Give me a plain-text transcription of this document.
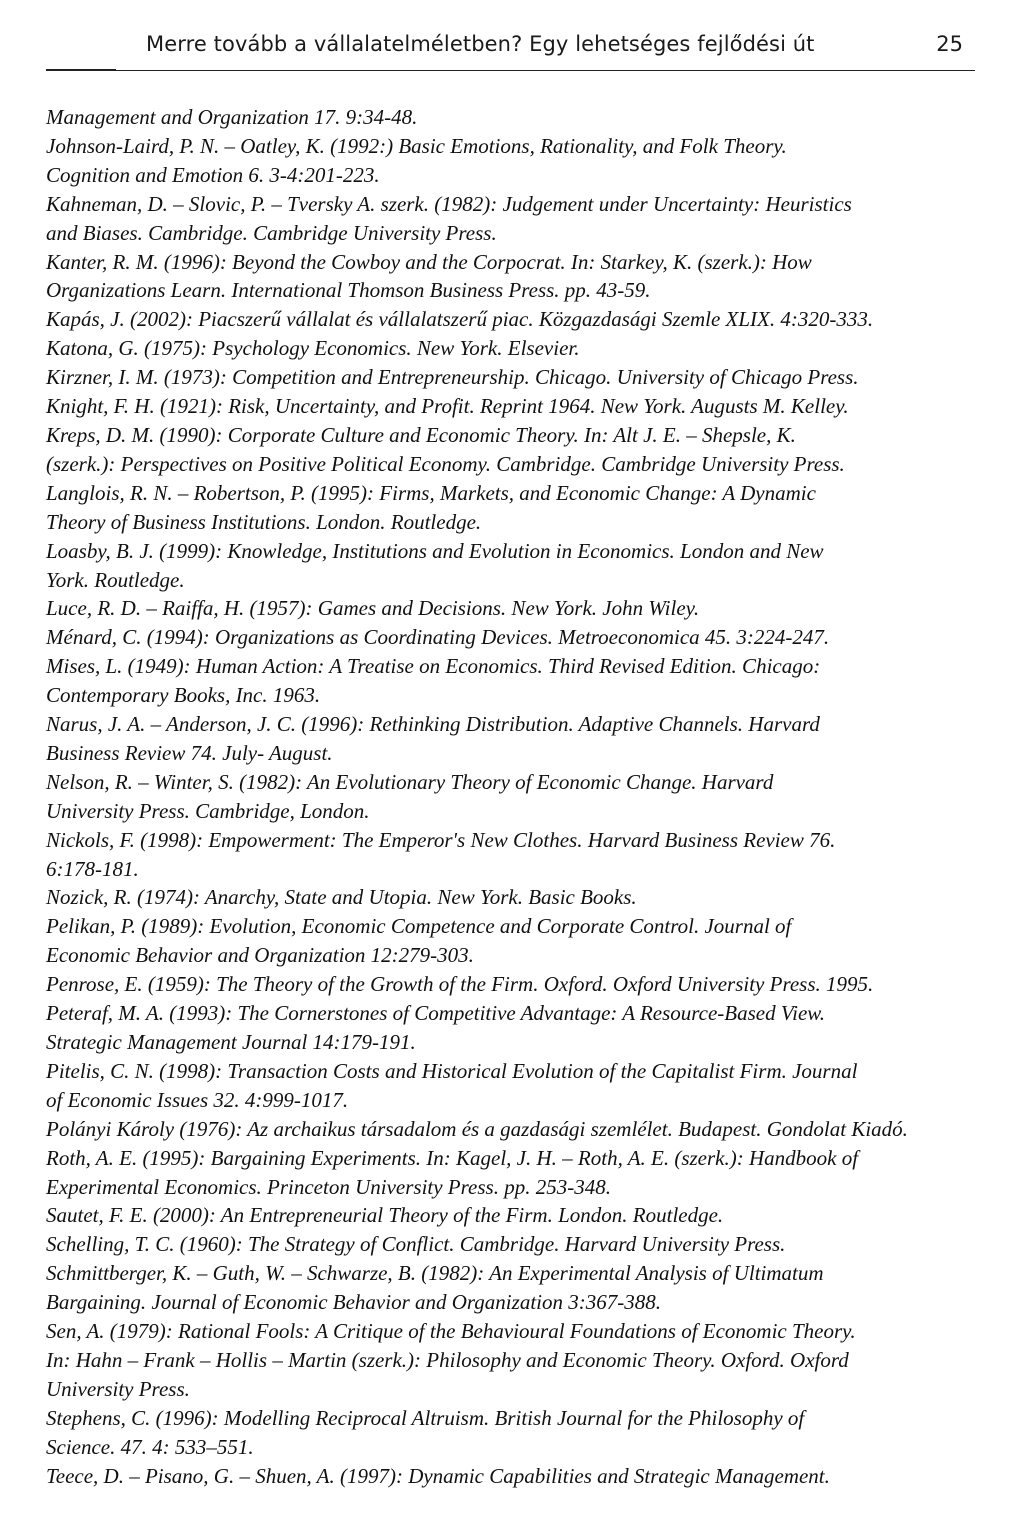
Merre tovább a vállalatelméletben? Egy lehetséges fejlődési út	25
Management and Organization 17. 9:34-48.
Johnson-Laird, P. N. – Oatley, K. (1992:) Basic Emotions, Rationality, and Folk Theory.
Cognition and Emotion 6. 3-4:201-223.
Kahneman, D. – Slovic, P. – Tversky A. szerk. (1982): Judgement under Uncertainty: Heuristics
and Biases. Cambridge. Cambridge University Press.
Kanter, R. M. (1996): Beyond the Cowboy and the Corpocrat. In: Starkey, K. (szerk.): How
Organizations Learn. International Thomson Business Press. pp. 43-59.
Kapás, J. (2002): Piacszerű vállalat és vállalatszerű piac. Közgazdasági Szemle XLIX. 4:320-333.
Katona, G. (1975): Psychology Economics. New York. Elsevier.
Kirzner, I. M. (1973): Competition and Entrepreneurship. Chicago. University of Chicago Press.
Knight, F. H. (1921): Risk, Uncertainty, and Profit. Reprint 1964. New York. Augusts M. Kelley.
Kreps, D. M. (1990): Corporate Culture and Economic Theory. In: Alt J. E. – Shepsle, K.
(szerk.): Perspectives on Positive Political Economy. Cambridge. Cambridge University Press.
Langlois, R. N. – Robertson, P. (1995): Firms, Markets, and Economic Change: A Dynamic
Theory of Business Institutions. London. Routledge.
Loasby, B. J. (1999): Knowledge, Institutions and Evolution in Economics. London and New
York. Routledge.
Luce, R. D. – Raiffa, H. (1957): Games and Decisions. New York. John Wiley.
Ménard, C. (1994): Organizations as Coordinating Devices. Metroeconomica 45. 3:224-247.
Mises, L. (1949): Human Action: A Treatise on Economics. Third Revised Edition. Chicago:
Contemporary Books, Inc. 1963.
Narus, J. A. – Anderson, J. C. (1996): Rethinking Distribution. Adaptive Channels. Harvard
Business Review 74. July- August.
Nelson, R. – Winter, S. (1982): An Evolutionary Theory of Economic Change. Harvard
University Press. Cambridge, London.
Nickols, F. (1998): Empowerment: The Emperor's New Clothes. Harvard Business Review 76.
6:178-181.
Nozick, R. (1974): Anarchy, State and Utopia. New York. Basic Books.
Pelikan, P. (1989): Evolution, Economic Competence and Corporate Control. Journal of
Economic Behavior and Organization 12:279-303.
Penrose, E. (1959): The Theory of the Growth of the Firm. Oxford. Oxford University Press. 1995.
Peteraf, M. A. (1993): The Cornerstones of Competitive Advantage: A Resource-Based View.
Strategic Management Journal 14:179-191.
Pitelis, C. N. (1998): Transaction Costs and Historical Evolution of the Capitalist Firm. Journal
of Economic Issues 32. 4:999-1017.
Polányi Károly (1976): Az archaikus társadalom és a gazdasági szemlélet. Budapest. Gondolat Kiadó.
Roth, A. E. (1995): Bargaining Experiments. In: Kagel, J. H. – Roth, A. E. (szerk.): Handbook of
Experimental Economics. Princeton University Press. pp. 253-348.
Sautet, F. E. (2000): An Entrepreneurial Theory of the Firm. London. Routledge.
Schelling, T. C. (1960): The Strategy of Conflict. Cambridge. Harvard University Press.
Schmittberger, K. – Guth, W. – Schwarze, B. (1982): An Experimental Analysis of Ultimatum
Bargaining. Journal of Economic Behavior and Organization 3:367-388.
Sen, A. (1979): Rational Fools: A Critique of the Behavioural Foundations of Economic Theory.
In: Hahn – Frank – Hollis – Martin (szerk.): Philosophy and Economic Theory. Oxford. Oxford
University Press.
Stephens, C. (1996): Modelling Reciprocal Altruism. British Journal for the Philosophy of
Science. 47. 4: 533–551.
Teece, D. – Pisano, G. – Shuen, A. (1997): Dynamic Capabilities and Strategic Management.
